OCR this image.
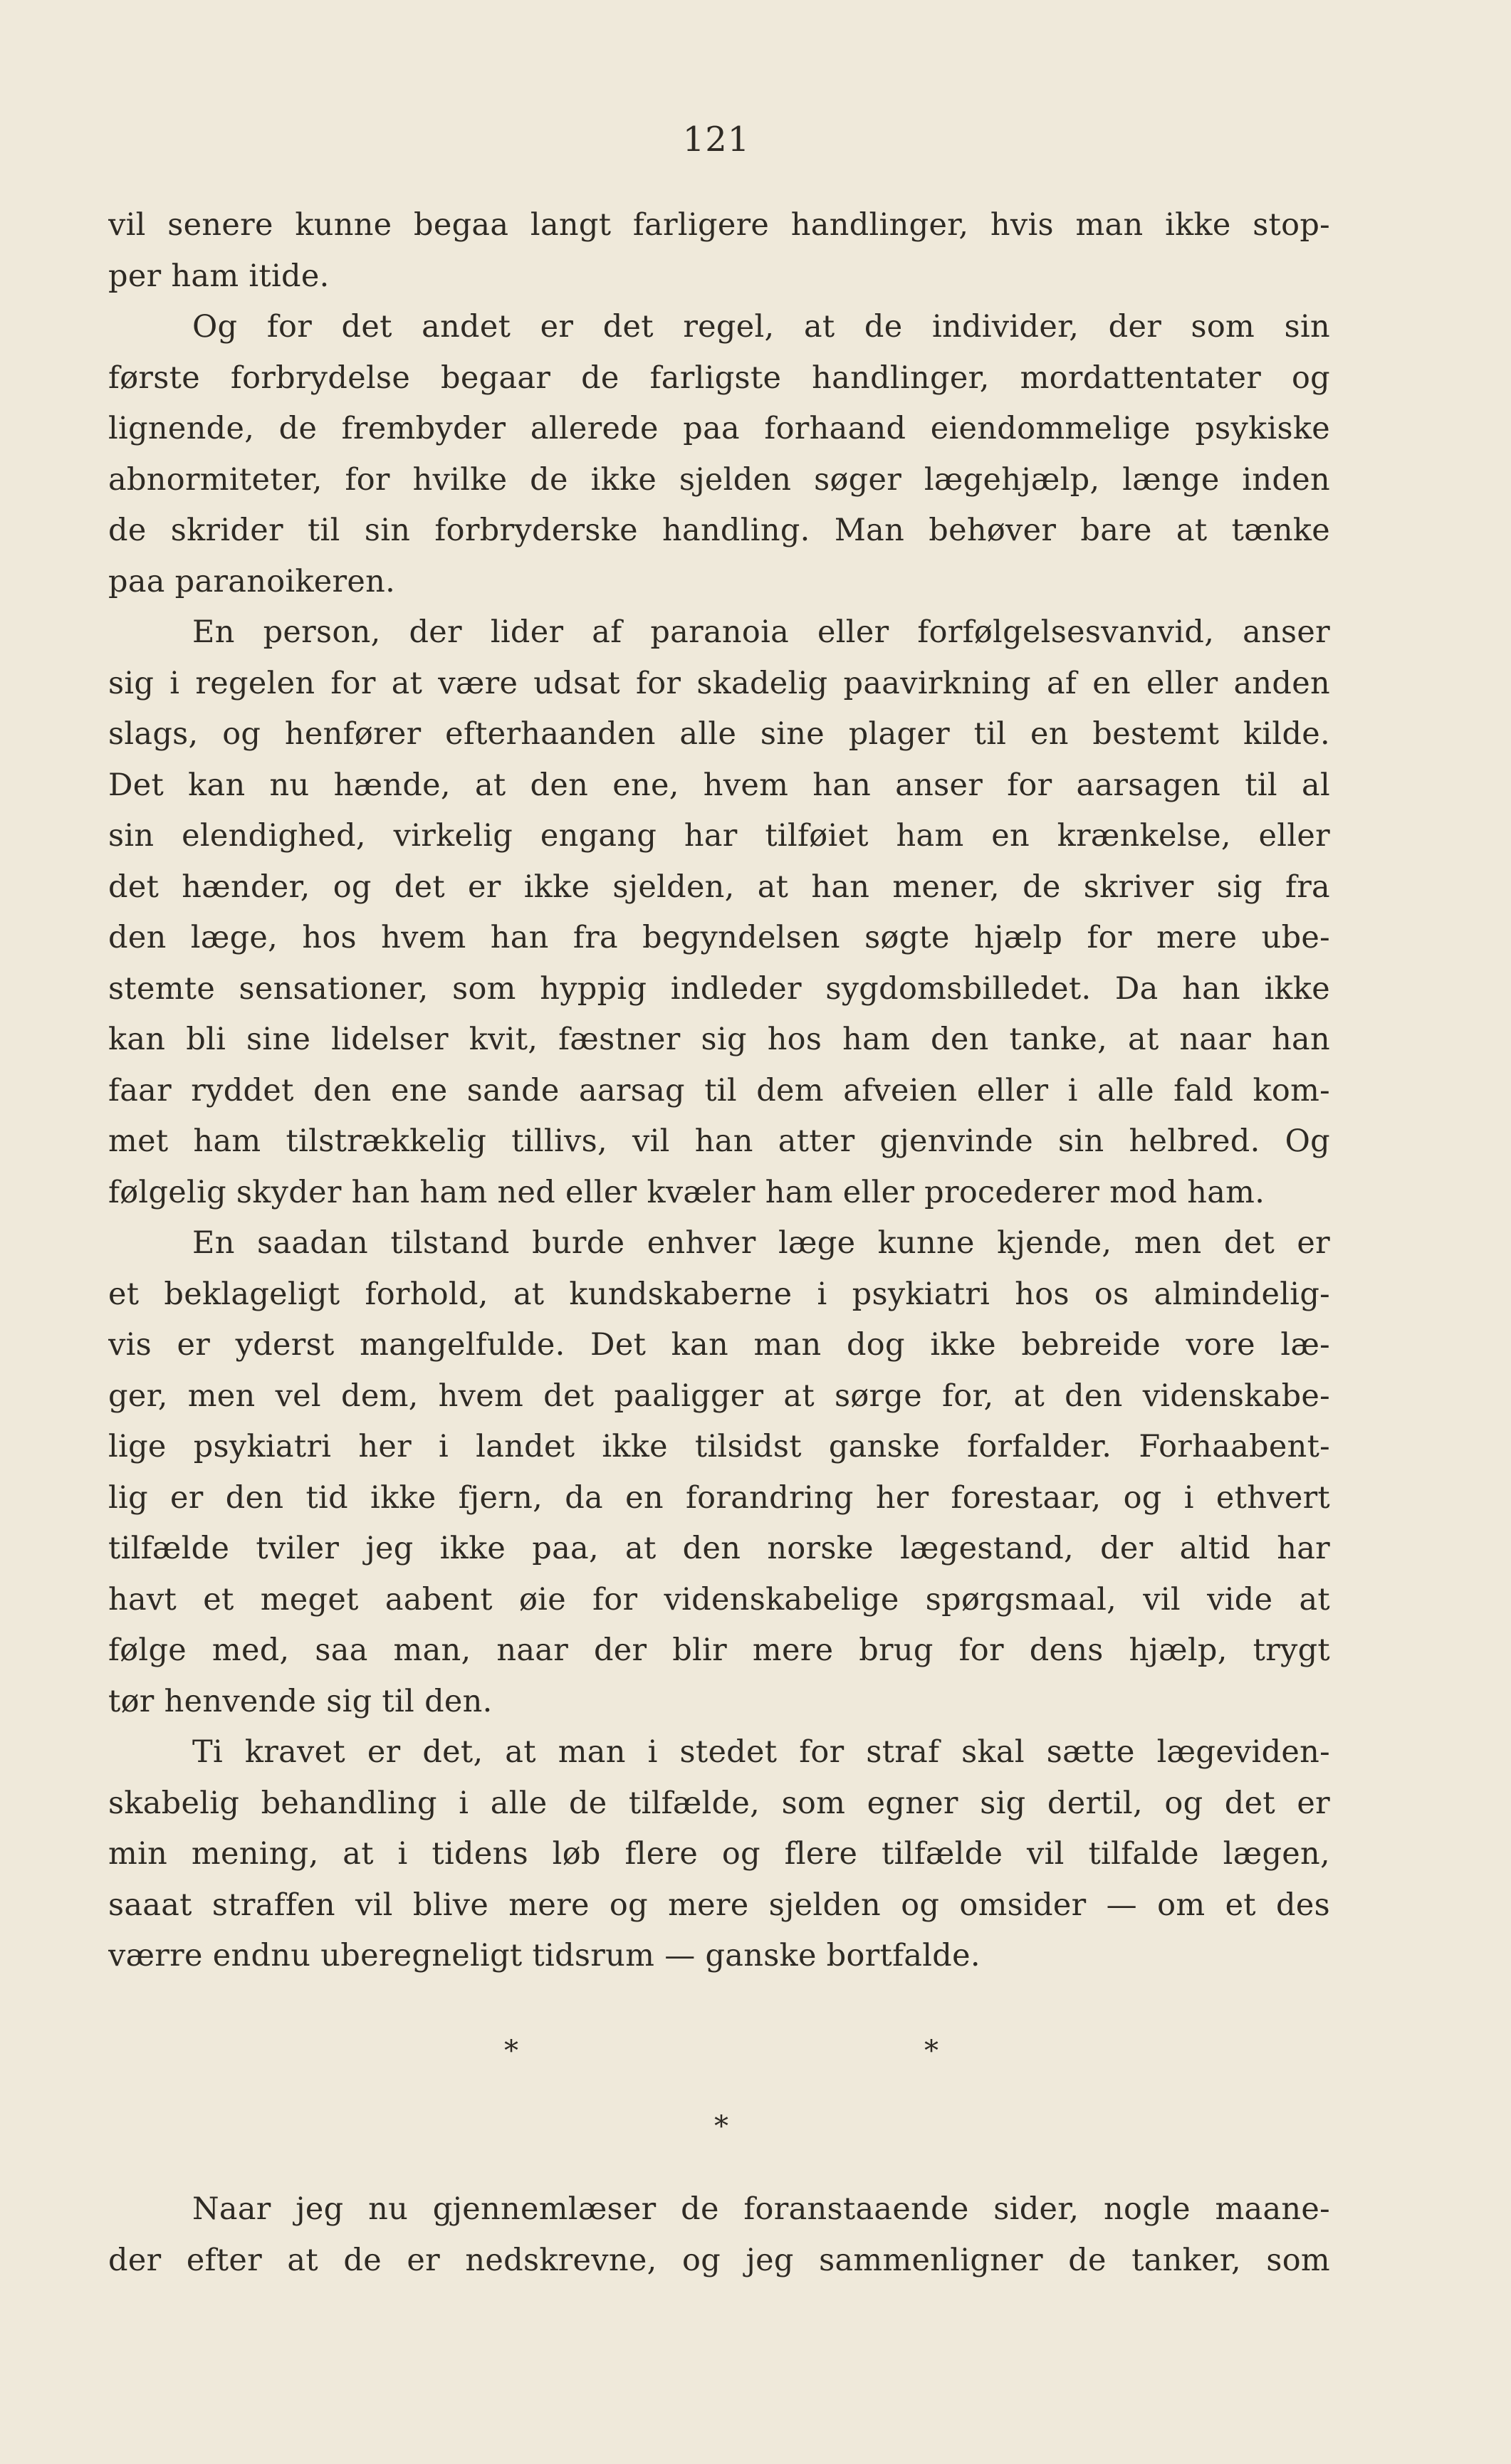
121
vil senere kunne begaa langt farligere handlinger, hvis man ikke stop-
per ham itide.
Og for det andet er det regel, at de individer, der som sin
første forbrydelse begaar de farligste handlinger, mordattentater og
lignende, de frembyder allerede paa forhaand eiendommelige psykiske
abnormiteter, for hvilke de ikke sjelden søger lægehjælp, længe inden
de skrider til sin forbryderske handling. Man behøver bare at tænke
paa paranoikeren.
En person, der lider af paranoia eller forfølgelsesvanvid, anser
sig i regelen for at være udsat for skadelig paavirkning af en eller anden
slags, og henfører efterhaanden alle sine plager til en bestemt kilde.
Det kan nu hænde, at den ene, hvem han anser for aarsagen til al
sin elendighed, virkelig engang har tilføiet ham en krænkelse, eller
det hænder, og det er ikke sjelden, at han mener, de skriver sig fra
den læge, hos hvem han fra begyndelsen søgte hjælp for mere ube-
stemte sensationer, som hyppig indleder sygdomsbilledet. Da han ikke
kan bli sine lidelser kvit, fæstner sig hos ham den tanke, at naar han
faar ryddet den ene sande aarsag til dem afveien eller i alle fald kom-
met ham tilstrækkelig tillivs, vil han atter gjenvinde sin helbred. Og
følgelig skyder han ham ned eller kvæler ham eller procederer mod ham.
En saadan tilstand burde enhver læge kunne kjende, men det er
et beklageligt forhold, at kundskaberne i psykiatri hos os almindelig-
vis er yderst mangelfulde. Det kan man dog ikke bebreide vore læ-
ger, men vel dem, hvem det paaligger at sørge for, at den videnskabe-
lige psykiatri her i landet ikke tilsidst ganske forfalder. Forhaabent-
lig er den tid ikke fjern, da en forandring her forestaar, og i ethvert
tilfælde tviler jeg ikke paa, at den norske lægestand, der altid har
havt et meget aabent øie for videnskabelige spørgsmaal, vil vide at
følge med, saa man, naar der blir mere brug for dens hjælp, trygt
tør henvende sig til den.
Ti kravet er det, at man i stedet for straf skal sætte lægeviden-
skabelig behandling i alle de tilfælde, som egner sig dertil, og det er
min mening, at i tidens løb flere og flere tilfælde vil tilfalde lægen,
saaat straffen vil blive mere og mere sjelden og omsider — om et des
værre endnu uberegneligt tidsrum — ganske bortfalde.
*	*
*
Naar jeg nu gjennemlæser de foranstaaende sider, nogle maane-
der efter at de er nedskrevne, og jeg sammenligner de tanker, som
